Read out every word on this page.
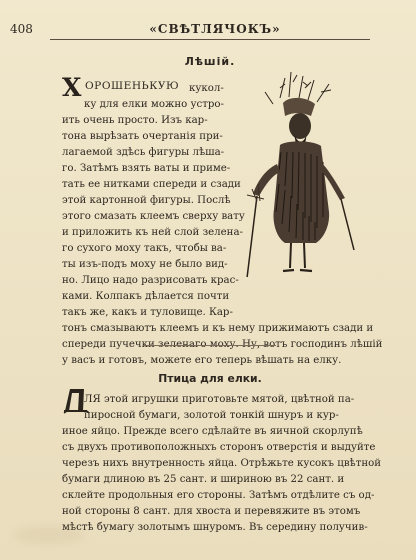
408	«СВѢТЛЯЧОКЪ»
Лѣшій.
Х ОРОШЕНЬКУЮ кукол-
ку для елки можно устро-
ить очень просто. Изъ кар-
тона вырѣзать очертанія при-
лагаемой здѣсь фигуры лѣша-
го. Затѣмъ взять ваты и приме-
тать ее нитками спереди и сзади
этой картонной фигуры. Послѣ
этого смазать клеемъ сверху вату
и приложить къ ней слой зелена-
го сухого моху такъ, чтобы ва-
ты изъ-подъ моху не было вид-
но. Лицо надо разрисовать крас-
ками. Колпакъ дѣлается почти
такъ же, какъ и туловище. Кар-
тонъ смазываютъ клеемъ и къ нему прижимаютъ сзади и
спереди пучечки зеленаго моху. Ну, вотъ господинъ лѣшій
у васъ и готовъ, можете его теперь вѣшать на елку.
Птица для елки.
ЛЯ этой игрушки приготовьте мятой, цвѣтной па-
пиросной бумаги, золотой тонкій шнуръ и кур-
иное яйцо. Прежде всего сдѣлайте въ яичной скорлупѣ
съ двухъ противоположныхъ сторонъ отверстія и выдуйте
черезъ нихъ внутренность яйца. Отрѣжьте кусокъ цвѣтной
бумаги длиною въ 25 сант. и шириною въ 22 сант. и
склейте продольныя его стороны. Затѣмъ отдѣлите съ од-
ной стороны 8 сант. для хвоста и перевяжите въ этомъ
мѣстѣ бумагу золотымъ шнуромъ. Въ середину получив-
